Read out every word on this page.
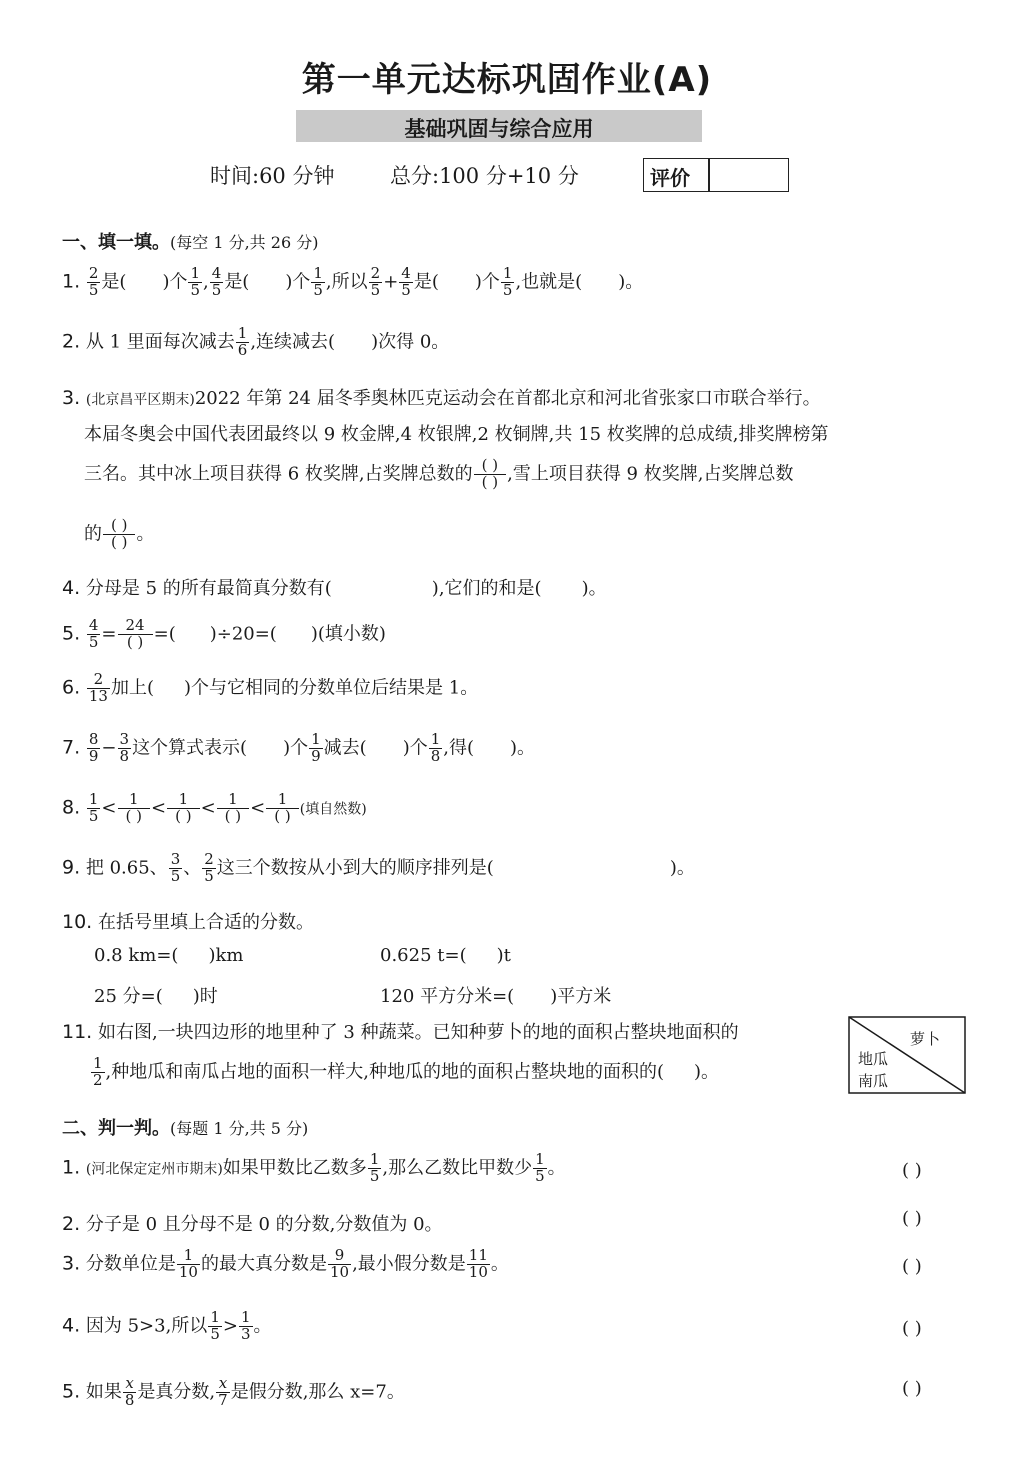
第一单元达标巩固作业(A)
基础巩固与综合应用
时间:60 分钟	总分:100 分+10 分	评价
一、填一填。(每空 1 分,共 26 分)
1. $\frac{2}{5}$ 是( )个 $\frac{1}{5}$ , $\frac{4}{5}$ 是( )个 $\frac{1}{5}$ ,所以 $\frac{2}{5} + \frac{4}{5}$ 是( )个 $\frac{1}{5}$ ,也就是( )。
2. 从 1 里面每次减去 $\frac{1}{6}$ ,连续减去( )次得 0。
3. (北京昌平区期末)2022 年第 24 届冬季奥林匹克运动会在首都北京和河北省张家口市联合举行。
本届冬奥会中国代表团最终以 9 枚金牌,4 枚银牌,2 枚铜牌,共 15 枚奖牌的总成绩,排奖牌榜第
三名。其中冰上项目获得 6 枚奖牌,占奖牌总数的 $\frac{( )}{( )}$ ,雪上项目获得 9 枚奖牌,占奖牌总数
的 $\frac{( )}{( )}$ 。
4. 分母是 5 的所有最简真分数有(	),它们的和是( )。
5. $\frac{4}{5} = \frac{24}{( )}$ =( )÷20=( )(填小数)
6. $\frac{2}{13}$ 加上( )个与它相同的分数单位后结果是 1。
7. $\frac{8}{9} - \frac{3}{8}$ 这个算式表示( )个 $\frac{1}{9}$ 减去( )个 $\frac{1}{8}$ ,得( )。
8. $\frac{1}{5} < \frac{1}{( )} < \frac{1}{( )} < \frac{1}{( )} < \frac{1}{( )}$ (填自然数)
9. 把 0.65、 $\frac{3}{5}$ 、 $\frac{2}{5}$ 这三个数按从小到大的顺序排列是(	)。
10. 在括号里填上合适的分数。
0.8 km=( )km	0.625 t=( )t
25 分=( )时	120 平方分米=( )平方米
11. 如右图,一块四边形的地里种了 3 种蔬菜。已知种萝卜的地的面积占整块地面积的
$\frac{1}{2}$ ,种地瓜和南瓜占地的面积一样大,种地瓜的地的面积占整块地的面积的( )。
萝卜
地瓜
南瓜
二、判一判。(每题 1 分,共 5 分)
1. (河北保定定州市期末)如果甲数比乙数多 $\frac{1}{5}$ ,那么乙数比甲数少 $\frac{1}{5}$ 。	( )
2. 分子是 0 且分母不是 0 的分数,分数值为 0。	( )
3. 分数单位是 $\frac{1}{10}$ 的最大真分数是 $\frac{9}{10}$ ,最小假分数是 $\frac{11}{10}$ 。	( )
4. 因为 5>3,所以 $\frac{1}{5} > \frac{1}{3}$ 。	( )
5. 如果 $\frac{x}{8}$ 是真分数, $\frac{x}{7}$ 是假分数,那么 x=7。	( )
